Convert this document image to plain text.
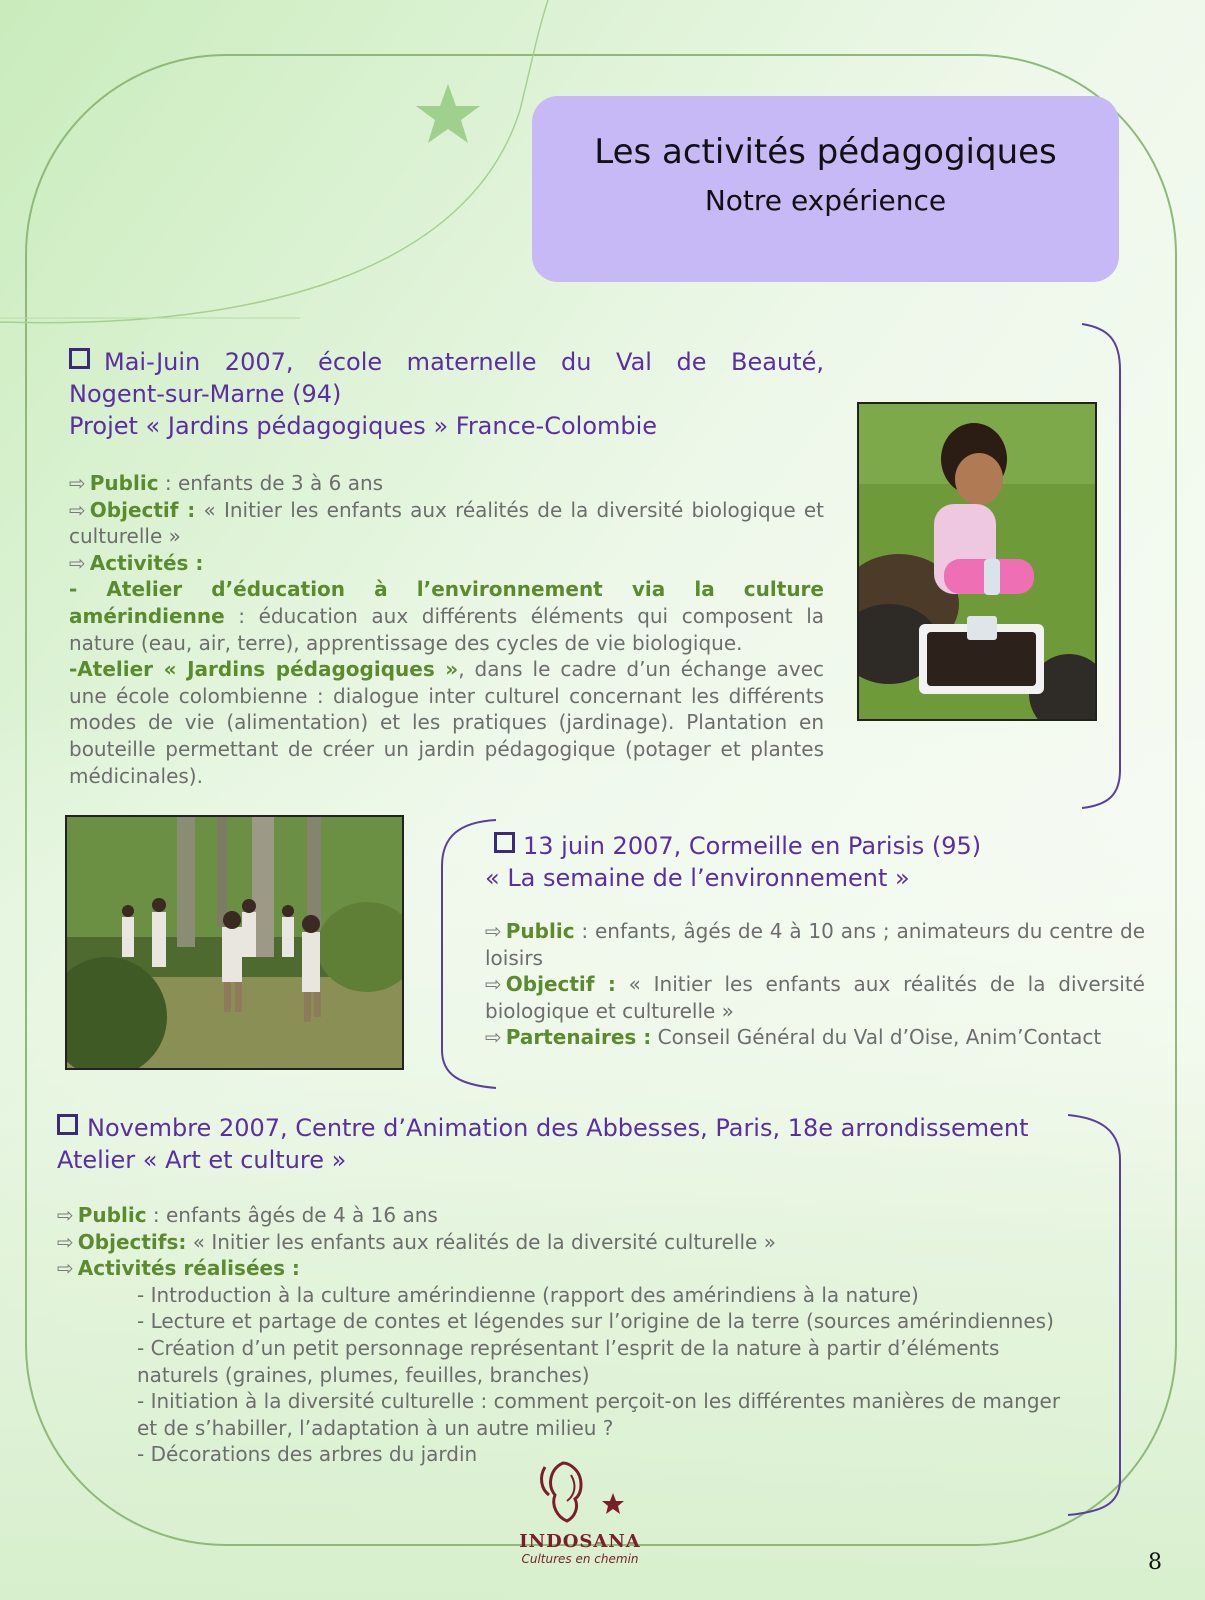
Les activités pédagogiques
Notre expérience
Mai-Juin 2007, école maternelle du Val de Beauté,
Nogent-sur-Marne (94)
Projet « Jardins pédagogiques » France-Colombie
⇨ Public : enfants de 3 à 6 ans
⇨ Objectif : « Initier les enfants aux réalités de la diversité biologique et culturelle »
⇨ Activités :
- Atelier d’éducation à l’environnement via la culture amérindienne : éducation aux différents éléments qui composent la nature (eau, air, terre), apprentissage des cycles de vie biologique.
-Atelier « Jardins pédagogiques », dans le cadre d’un échange avec une école colombienne : dialogue inter culturel concernant les différents modes de vie (alimentation) et les pratiques (jardinage). Plantation en bouteille permettant de créer un jardin pédagogique (potager et plantes médicinales).
13 juin 2007, Cormeille en Parisis (95)
« La semaine de l’environnement »
⇨ Public : enfants, âgés de 4 à 10 ans ; animateurs du centre de loisirs
⇨ Objectif : « Initier les enfants aux réalités de la diversité biologique et culturelle »
⇨ Partenaires : Conseil Général du Val d’Oise, Anim’Contact
Novembre 2007, Centre d’Animation des Abbesses, Paris, 18e arrondissement
Atelier « Art et culture »
⇨ Public : enfants âgés de 4 à 16 ans
⇨ Objectifs: « Initier les enfants aux réalités de la diversité culturelle »
⇨ Activités réalisées :
- Introduction à la culture amérindienne (rapport des amérindiens à la nature)
- Lecture et partage de contes et légendes sur l’origine de la terre (sources amérindiennes)
- Création d’un petit personnage représentant l’esprit de la nature à partir d’éléments naturels (graines, plumes, feuilles, branches)
- Initiation à la diversité culturelle : comment perçoit-on les différentes manières de manger et de s’habiller, l’adaptation à un autre milieu ?
- Décorations des arbres du jardin
INDOSANA
Cultures en chemin	8
